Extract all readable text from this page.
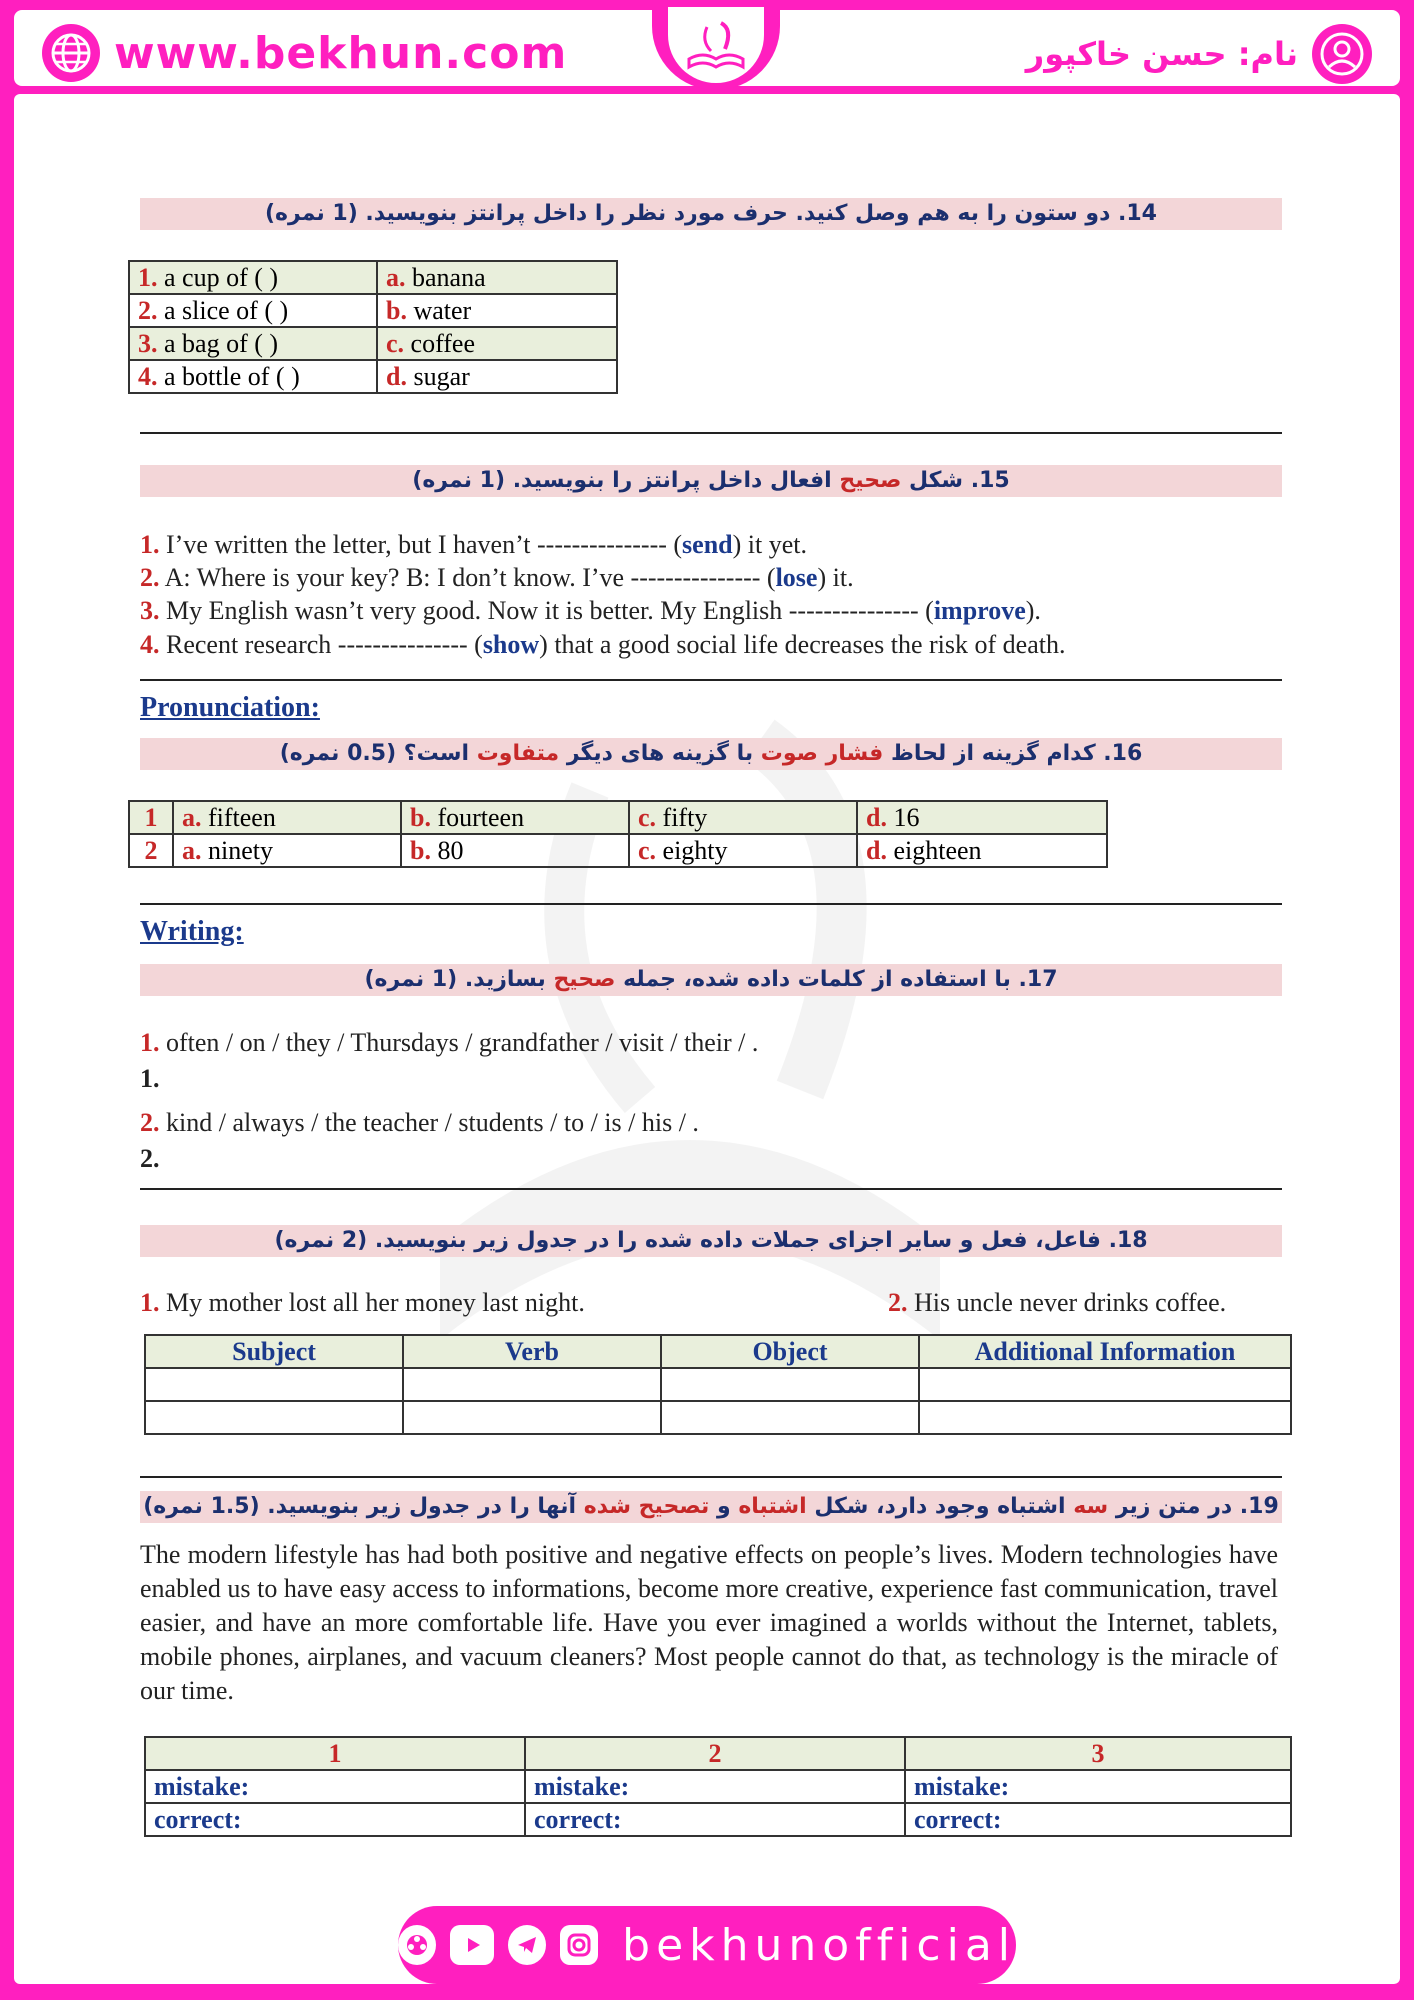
www.bekhun.com	نام: حسن خاکپور
14. دو ستون را به هم وصل کنید. حرف مورد نظر را داخل پرانتز بنویسید. (1 نمره)
1. a cup of ( )	a. banana
2. a slice of ( )	b. water
3. a bag of ( )	c. coffee
4. a bottle of ( )	d. sugar
15. شکل صحیح افعال داخل پرانتز را بنویسید. (1 نمره)
1. I’ve written the letter, but I haven’t --------------- (send) it yet.
2. A: Where is your key? B: I don’t know. I’ve --------------- (lose) it.
3. My English wasn’t very good. Now it is better. My English --------------- (improve).
4. Recent research --------------- (show) that a good social life decreases the risk of death.
Pronunciation:
16. کدام گزینه از لحاظ فشار صوت با گزینه های دیگر متفاوت است؟ (0.5 نمره)
1	a. fifteen	b. fourteen	c. fifty	d. 16
2	a. ninety	b. 80	c. eighty	d. eighteen
Writing:
17. با استفاده از کلمات داده شده، جمله صحیح بسازید. (1 نمره)
1. often / on / they / Thursdays / grandfather / visit / their / .
1.
2. kind / always / the teacher / students / to / is / his / .
2.
18. فاعل، فعل و سایر اجزای جملات داده شده را در جدول زیر بنویسید. (2 نمره)
1. My mother lost all her money last night.	2. His uncle never drinks coffee.
Subject	Verb	Object	Additional Information

19. در متن زیر سه اشتباه وجود دارد، شکل اشتباه و تصحیح شده آنها را در جدول زیر بنویسید. (1.5 نمره)
The modern lifestyle has had both positive and negative effects on people’s lives. Modern technologies have enabled us to have easy access to informations, become more creative, experience fast communication, travel easier, and have an more comfortable life. Have you ever imagined a worlds without the Internet, tablets, mobile phones, airplanes, and vacuum cleaners? Most people cannot do that, as technology is the miracle of our time.
1	2	3
mistake:	mistake:	mistake:
correct:	correct:	correct:
bekhunofficial
